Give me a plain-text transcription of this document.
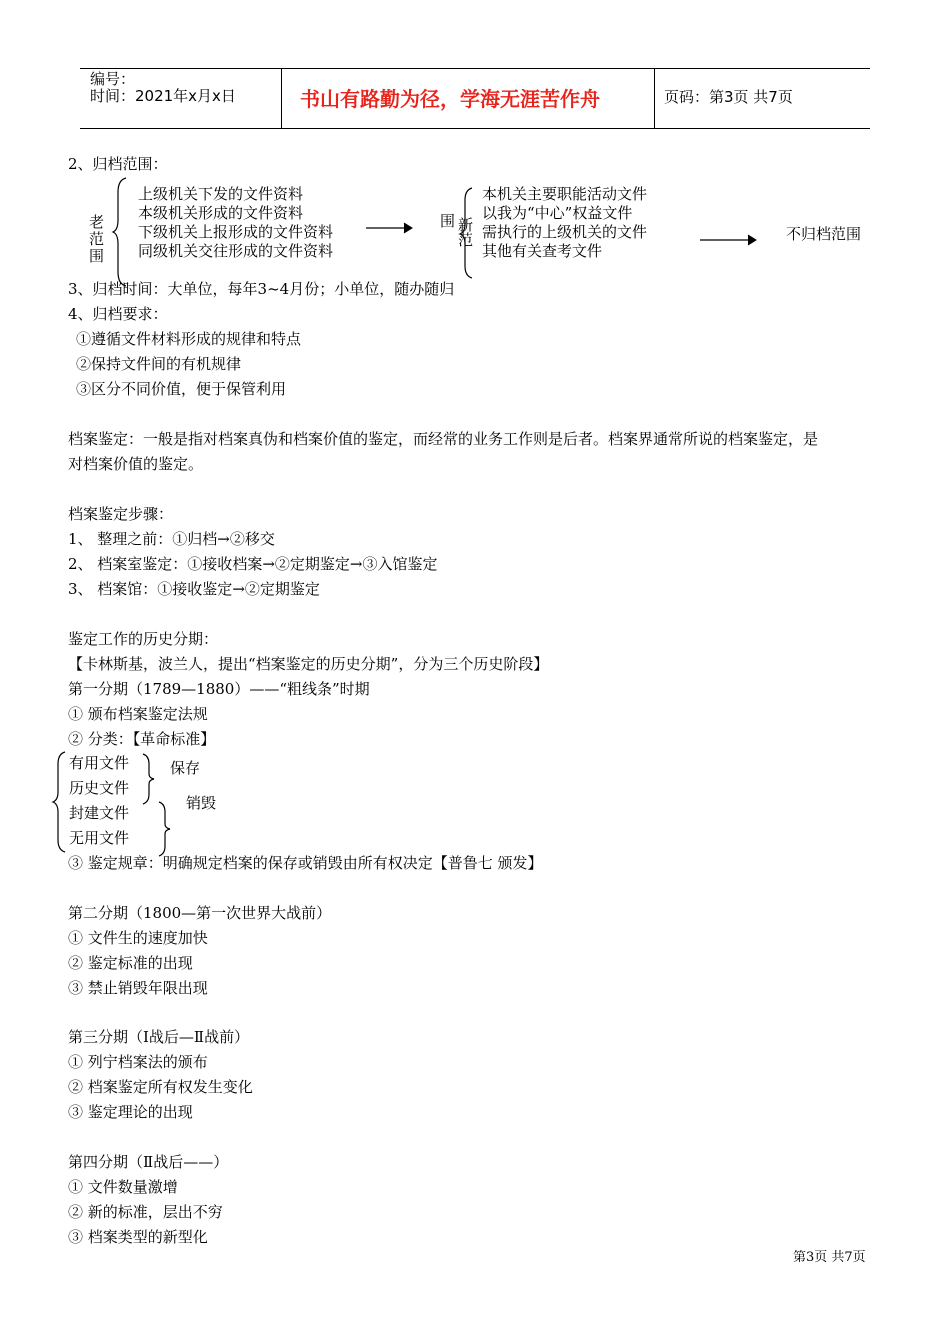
编号：
时间：2021年x月x日	书山有路勤为径，学海无涯苦作舟	页码：第3页 共7页
2、归档范围：
老范围
上级机关下发的文件资料
本级机关形成的文件资料
下级机关上报形成的文件资料
同级机关交往形成的文件资料
围 新
范
本机关主要职能活动文件
以我为“中心”权益文件
需执行的上级机关的文件
其他有关查考文件
不归档范围
3、归档时间：大单位，每年3~4月份；小单位，随办随归
4、归档要求：
①遵循文件材料形成的规律和特点
②保持文件间的有机规律
③区分不同价值，便于保管利用
档案鉴定：一般是指对档案真伪和档案价值的鉴定，而经常的业务工作则是后者。档案界通常所说的档案鉴定，是
对档案价值的鉴定。
档案鉴定步骤：
1、 整理之前：①归档→②移交
2、 档案室鉴定：①接收档案→②定期鉴定→③入馆鉴定
3、 档案馆：①接收鉴定→②定期鉴定
鉴定工作的历史分期：
【卡林斯基，波兰人，提出“档案鉴定的历史分期”，分为三个历史阶段】
第一分期（1789—1880）——“粗线条”时期
① 颁布档案鉴定法规
② 分类：【革命标准】
有用文件
历史文件
封建文件
无用文件
保存
销毁
③ 鉴定规章：明确规定档案的保存或销毁由所有权决定【普鲁七 颁发】
第二分期（1800—第一次世界大战前）
① 文件生的速度加快
② 鉴定标准的出现
③ 禁止销毁年限出现
第三分期（Ⅰ战后—Ⅱ战前）
① 列宁档案法的颁布
② 档案鉴定所有权发生变化
③ 鉴定理论的出现
第四分期（Ⅱ战后——）
① 文件数量激增
② 新的标准，层出不穷
③ 档案类型的新型化
第3页 共7页
